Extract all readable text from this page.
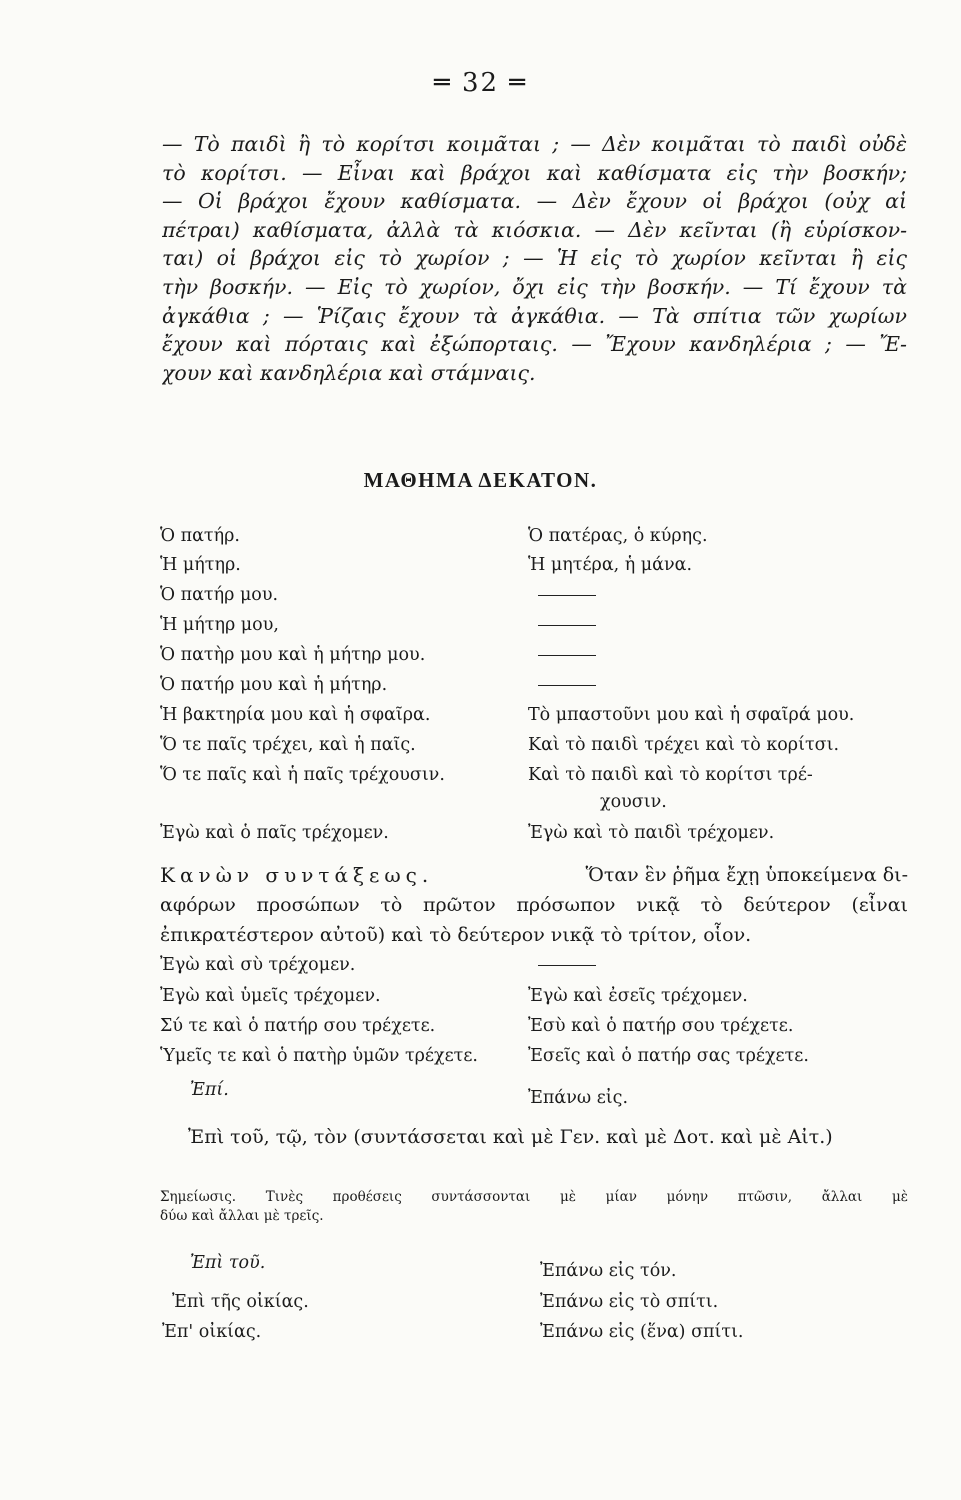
═ 32 ═
— Τὸ παιδὶ ἢ τὸ κορίτσι κοιμᾶται ; — Δὲν κοιμᾶται τὸ παιδὶ οὐδὲ
τὸ κορίτσι. — Εἶναι καὶ βράχοι καὶ καθίσματα εἰς τὴν βοσκήν;
— Οἱ βράχοι ἔχουν καθίσματα. — Δὲν ἔχουν οἱ βράχοι (οὐχ αἱ
πέτραι) καθίσματα, ἀλλὰ τὰ κιόσκια. — Δὲν κεῖνται (ἢ εὑρίσκον-
ται) οἱ βράχοι εἰς τὸ χωρίον ; — Ἡ εἰς τὸ χωρίον κεῖνται ἢ εἰς
τὴν βοσκήν. — Εἰς τὸ χωρίον, ὄχι εἰς τὴν βοσκήν. — Τί ἔχουν τὰ
ἀγκάθια ; — Ῥίζαις ἔχουν τὰ ἀγκάθια. — Τὰ σπίτια τῶν χωρίων
ἔχουν καὶ πόρταις καὶ ἐξώπορταις. — Ἔχουν κανδηλέρια ; — Ἔ-
χουν καὶ κανδηλέρια καὶ στάμναις.
ΜΑΘΗΜΑ ΔΕΚΑΤΟΝ.
Ὁ πατήρ.	Ὁ πατέρας, ὁ κύρης.
Ἡ μήτηρ.	Ἡ μητέρα, ἡ μάνα.
Ὁ πατήρ μου.
Ἡ μήτηρ μου,
Ὁ πατὴρ μου καὶ ἡ μήτηρ μου.
Ὁ πατήρ μου καὶ ἡ μήτηρ.
Ἡ βακτηρία μου καὶ ἡ σφαῖρα.	Τὸ μπαστοῦνι μου καὶ ἡ σφαῖρά μου.
Ὅ τε παῖς τρέχει, καὶ ἡ παῖς.	Καὶ τὸ παιδὶ τρέχει καὶ τὸ κορίτσι.
Ὅ τε παῖς καὶ ἡ παῖς τρέχουσιν.	Καὶ τὸ παιδὶ καὶ τὸ κορίτσι τρέ-
χουσιν.
Ἐγὼ καὶ ὁ παῖς τρέχομεν.	Ἐγὼ καὶ τὸ παιδὶ τρέχομεν.
Κανὼν συντάξεως.	Ὅταν ἓν ῥῆμα ἔχῃ ὑποκείμενα δι-
αφόρων προσώπων τὸ πρῶτον πρόσωπον νικᾷ τὸ δεύτερον (εἶναι
ἐπικρατέστερον αὐτοῦ) καὶ τὸ δεύτερον νικᾷ τὸ τρίτον, οἷον.
Ἐγὼ καὶ σὺ τρέχομεν.
Ἐγὼ καὶ ὑμεῖς τρέχομεν.	Ἐγὼ καὶ ἐσεῖς τρέχομεν.
Σύ τε καὶ ὁ πατήρ σου τρέχετε.	Ἐσὺ καὶ ὁ πατήρ σου τρέχετε.
Ὑμεῖς τε καὶ ὁ πατὴρ ὑμῶν τρέχετε.	Ἐσεῖς καὶ ὁ πατήρ σας τρέχετε.
Ἐπί.	Ἐπάνω εἰς.
Ἐπὶ τοῦ, τῷ, τὸν (συντάσσεται καὶ μὲ Γεν. καὶ μὲ Δοτ. καὶ μὲ Αἰτ.)
Σημείωσις. Τινὲς προθέσεις συντάσσονται μὲ μίαν μόνην πτῶσιν, ἄλλαι μὲ
δύω καὶ ἄλλαι μὲ τρεῖς.
Ἐπὶ τοῦ.	Ἐπάνω εἰς τόν.
Ἐπὶ τῆς οἰκίας.	Ἐπάνω εἰς τὸ σπίτι.
Ἐπ' οἰκίας.	Ἐπάνω εἰς (ἕνα) σπίτι.
